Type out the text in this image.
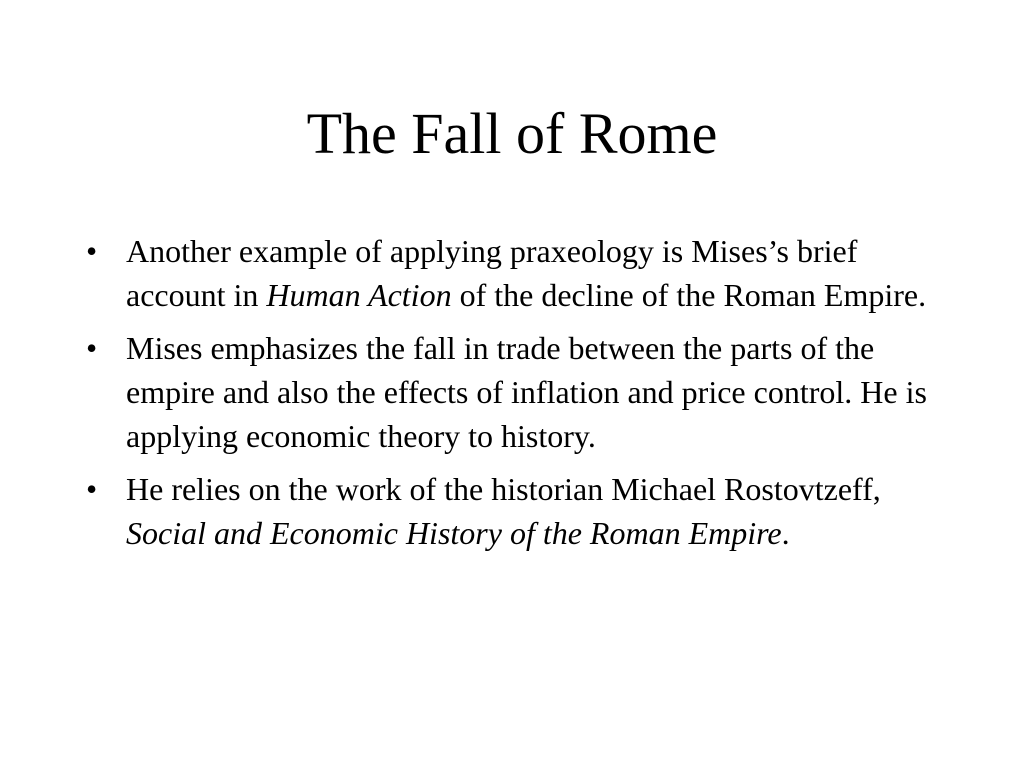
The Fall of Rome
• Another example of applying praxeology is Mises’s brief account in Human Action of the decline of the Roman Empire.
• Mises emphasizes the fall in trade between the parts of the empire and also the effects of inflation and price control. He is applying economic theory to history.
• He relies on the work of the historian Michael Rostovtzeff, Social and Economic History of the Roman Empire.
